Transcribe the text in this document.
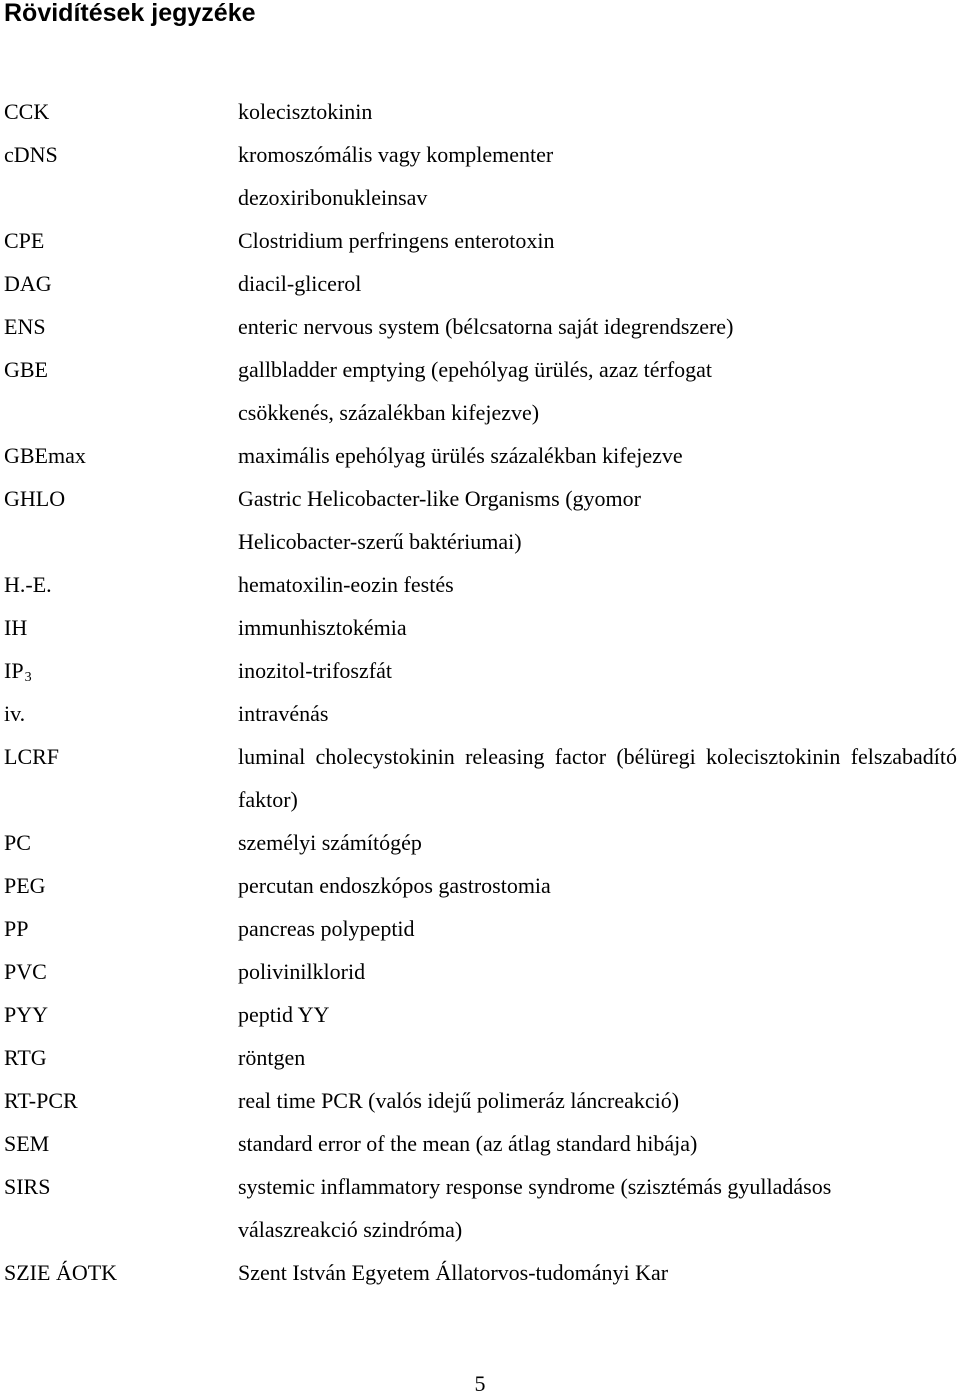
Rövidítések jegyzéke
CCK	kolecisztokinin
cDNS	kromoszómális vagy komplementer dezoxiribonukleinsav
CPE	Clostridium perfringens enterotoxin
DAG	diacil-glicerol
ENS	enteric nervous system (bélcsatorna saját idegrendszere)
GBE	gallbladder emptying (epehólyag ürülés, azaz térfogat csökkenés, százalékban kifejezve)
GBEmax	maximális epehólyag ürülés százalékban kifejezve
GHLO	Gastric Helicobacter-like Organisms (gyomor Helicobacter-szerű baktériumai)
H.-E.	hematoxilin-eozin festés
IH	immunhisztokémia
$IP_3$	inozitol-trifoszfát
iv.	intravénás
LCRF	luminal cholecystokinin releasing factor (bélüregi kolecisztokinin felszabadító faktor)
PC	személyi számítógép
PEG	percutan endoszkópos gastrostomia
PP	pancreas polypeptid
PVC	polivinilklorid
PYY	peptid YY
RTG	röntgen
RT-PCR	real time PCR (valós idejű polimeráz láncreakció)
SEM	standard error of the mean (az átlag standard hibája)
SIRS	systemic inflammatory response syndrome (szisztémás gyulladásos válaszreakció szindróma)
SZIE ÁOTK	Szent István Egyetem Állatorvos-tudományi Kar
5
